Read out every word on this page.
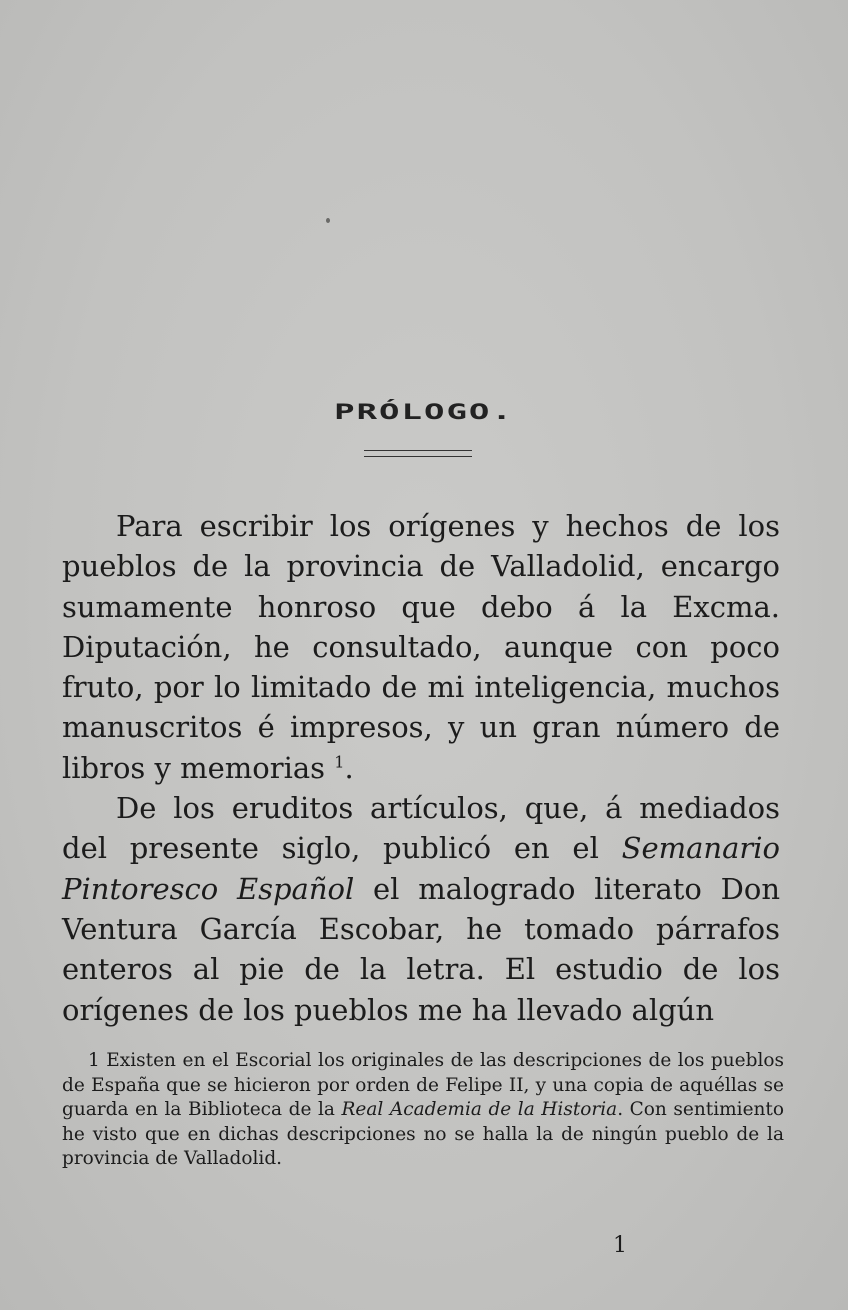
PRÓLOGO.

Para escribir los orígenes y hechos de los pueblos de la provincia de Valladolid, encargo sumamente honroso que debo á la Excma. Diputación, he consultado, aunque con poco fruto, por lo limitado de mi inteligencia, muchos manuscritos é impresos, y un gran número de libros y memorias $^1$.

De los eruditos artículos, que, á mediados del presente siglo, publicó en el Semanario Pintoresco Español el malogrado literato Don Ventura García Escobar, he tomado párrafos enteros al pie de la letra. El estudio de los orígenes de los pueblos me ha llevado algún

1 Existen en el Escorial los originales de las descripciones de los pueblos de España que se hicieron por orden de Felipe II, y una copia de aquéllas se guarda en la Biblioteca de la Real Academia de la Historia. Con sentimiento he visto que en dichas descripciones no se halla la de ningún pueblo de la provincia de Valladolid.

1
